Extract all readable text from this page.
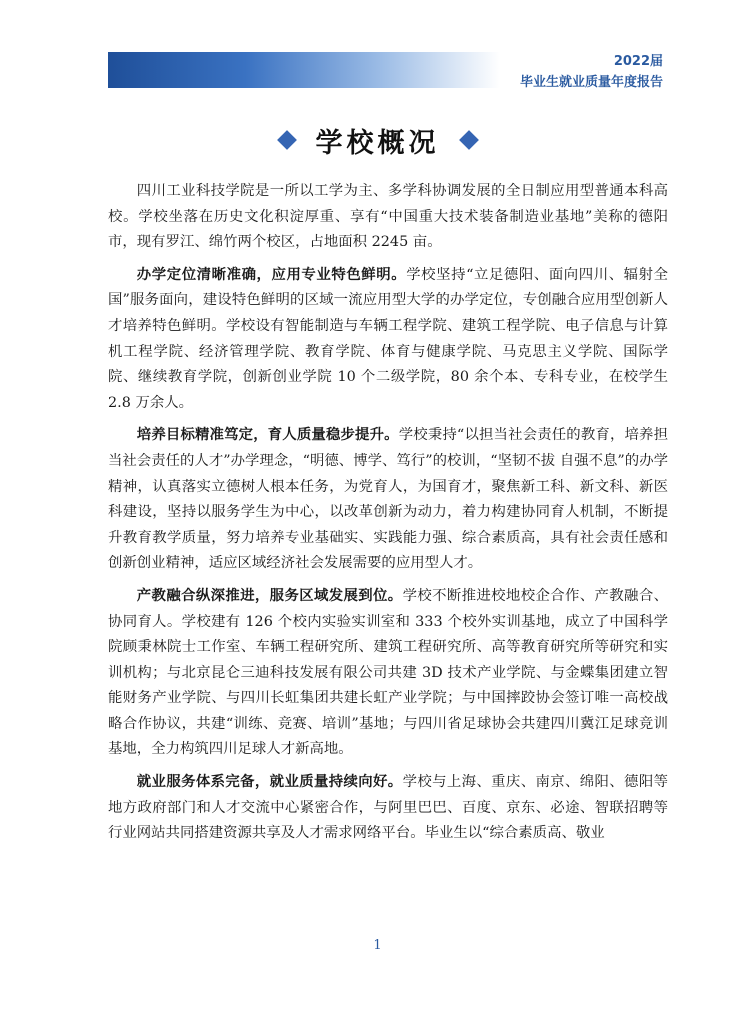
2022届
毕业生就业质量年度报告
学校概况

四川工业科技学院是一所以工学为主、多学科协调发展的全日制应用型普通本科高校。学校坐落在历史文化积淀厚重、享有“中国重大技术装备制造业基地”美称的德阳市，现有罗江、绵竹两个校区，占地面积 2245 亩。

办学定位清晰准确，应用专业特色鲜明。学校坚持“立足德阳、面向四川、辐射全国”服务面向，建设特色鲜明的区域一流应用型大学的办学定位，专创融合应用型创新人才培养特色鲜明。学校设有智能制造与车辆工程学院、建筑工程学院、电子信息与计算机工程学院、经济管理学院、教育学院、体育与健康学院、马克思主义学院、国际学院、继续教育学院，创新创业学院 10 个二级学院，80 余个本、专科专业，在校学生 2.8 万余人。

培养目标精准笃定，育人质量稳步提升。学校秉持“以担当社会责任的教育，培养担当社会责任的人才”办学理念，“明德、博学、笃行”的校训，“坚韧不拔 自强不息”的办学精神，认真落实立德树人根本任务，为党育人，为国育才，聚焦新工科、新文科、新医科建设，坚持以服务学生为中心，以改革创新为动力，着力构建协同育人机制，不断提升教育教学质量，努力培养专业基础实、实践能力强、综合素质高，具有社会责任感和创新创业精神，适应区域经济社会发展需要的应用型人才。

产教融合纵深推进，服务区域发展到位。学校不断推进校地校企合作、产教融合、协同育人。学校建有 126 个校内实验实训室和 333 个校外实训基地，成立了中国科学院顾秉林院士工作室、车辆工程研究所、建筑工程研究所、高等教育研究所等研究和实训机构；与北京昆仑三迪科技发展有限公司共建 3D 技术产业学院、与金蝶集团建立智能财务产业学院、与四川长虹集团共建长虹产业学院；与中国摔跤协会签订唯一高校战略合作协议，共建“训练、竞赛、培训”基地；与四川省足球协会共建四川冀江足球竞训基地，全力构筑四川足球人才新高地。

就业服务体系完备，就业质量持续向好。学校与上海、重庆、南京、绵阳、德阳等地方政府部门和人才交流中心紧密合作，与阿里巴巴、百度、京东、必途、智联招聘等行业网站共同搭建资源共享及人才需求网络平台。毕业生以“综合素质高、敬业

1
